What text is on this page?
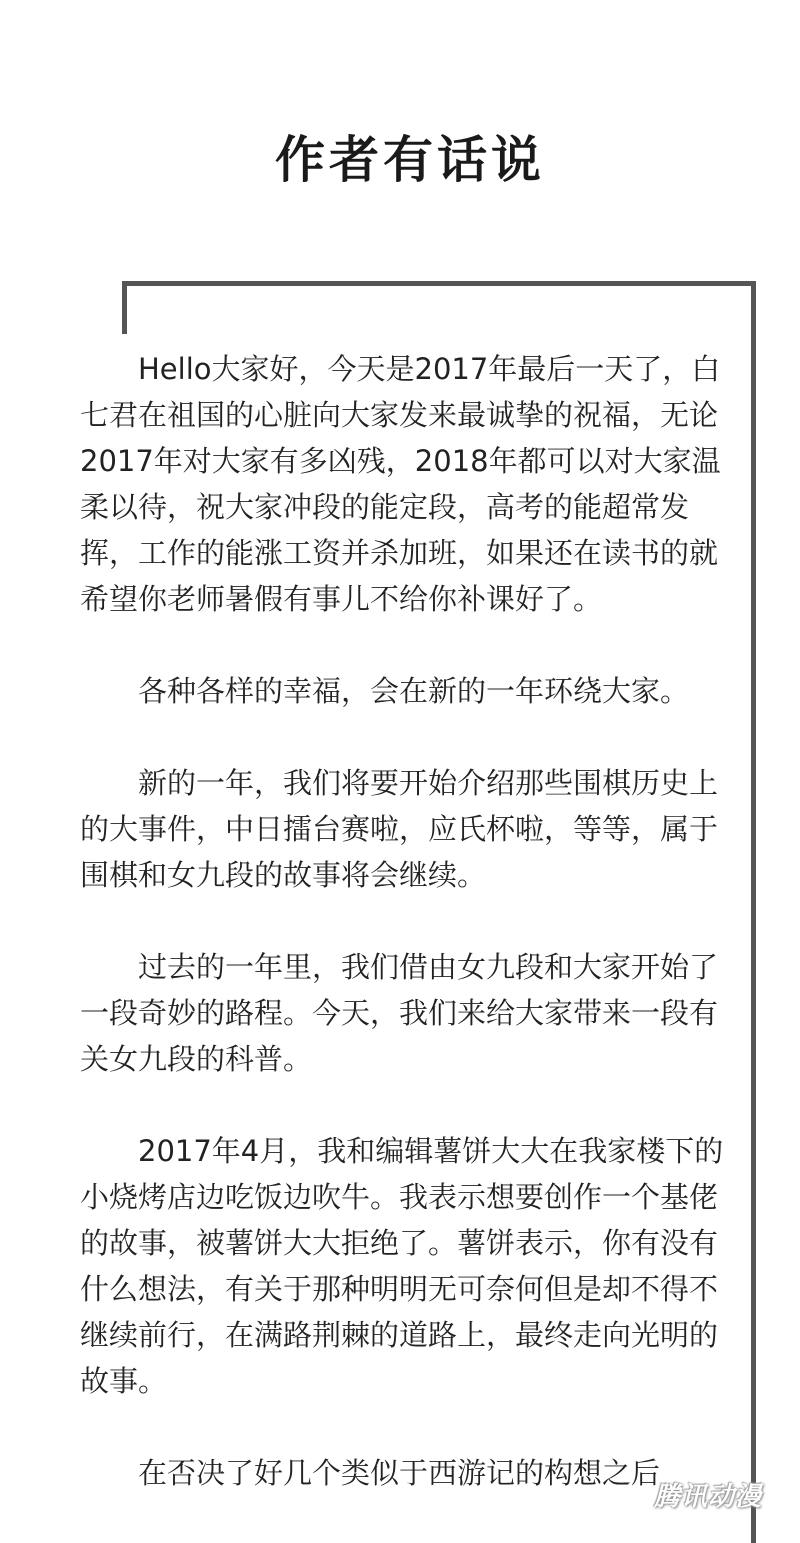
作者有话说

Hello大家好，今天是2017年最后一天了，白七君在祖国的心脏向大家发来最诚挚的祝福，无论2017年对大家有多凶残，2018年都可以对大家温柔以待，祝大家冲段的能定段，高考的能超常发挥，工作的能涨工资并杀加班，如果还在读书的就希望你老师暑假有事儿不给你补课好了。

各种各样的幸福，会在新的一年环绕大家。

新的一年，我们将要开始介绍那些围棋历史上的大事件，中日擂台赛啦，应氏杯啦，等等，属于围棋和女九段的故事将会继续。

过去的一年里，我们借由女九段和大家开始了一段奇妙的路程。今天，我们来给大家带来一段有关女九段的科普。

2017年4月，我和编辑薯饼大大在我家楼下的小烧烤店边吃饭边吹牛。我表示想要创作一个基佬的故事，被薯饼大大拒绝了。薯饼表示，你有没有什么想法，有关于那种明明无可奈何但是却不得不继续前行，在满路荆棘的道路上，最终走向光明的故事。

在否决了好几个类似于西游记的构想之后

腾讯动漫
